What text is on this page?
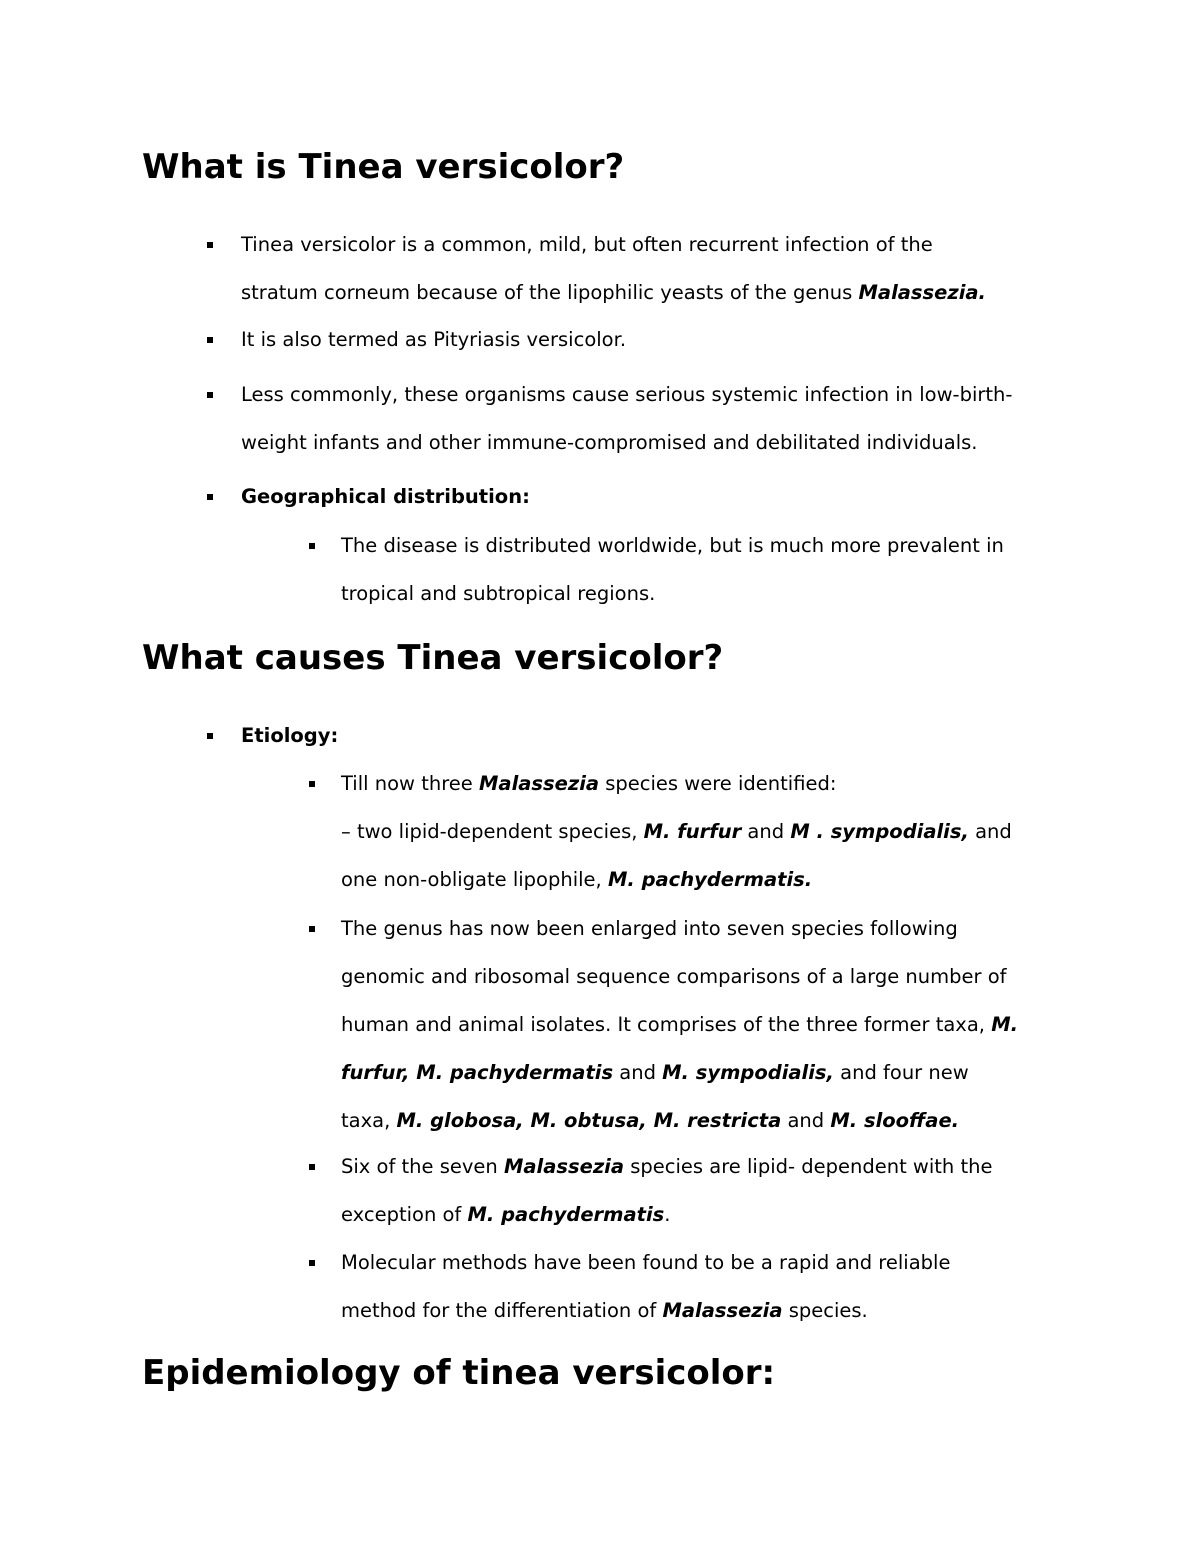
What is Tinea versicolor?

Tinea versicolor is a common, mild, but often recurrent infection of the
stratum corneum because of the lipophilic yeasts of the genus Malassezia.

It is also termed as Pityriasis versicolor.

Less commonly, these organisms cause serious systemic infection in low-birth-
weight infants and other immune-compromised and debilitated individuals.

Geographical distribution:

The disease is distributed worldwide, but is much more prevalent in
tropical and subtropical regions.

What causes Tinea versicolor?

Etiology:

Till now three Malassezia species were identified:
– two lipid-dependent species, M. furfur and M . sympodialis, and
one non-obligate lipophile, M. pachydermatis.

The genus has now been enlarged into seven species following
genomic and ribosomal sequence comparisons of a large number of
human and animal isolates. It comprises of the three former taxa, M.
furfur, M. pachydermatis and M. sympodialis, and four new
taxa, M. globosa, M. obtusa, M. restricta and M. slooffae.

Six of the seven Malassezia species are lipid- dependent with the
exception of M. pachydermatis.

Molecular methods have been found to be a rapid and reliable
method for the differentiation of Malassezia species.

Epidemiology of tinea versicolor:
